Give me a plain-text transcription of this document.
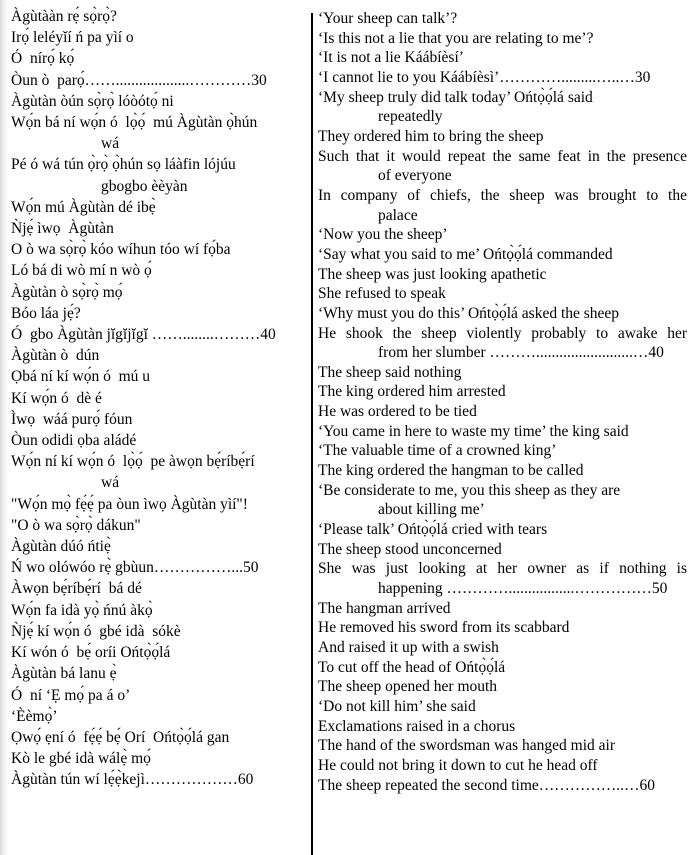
Àgùtààn rẹ́ sọ̀rọ̀?
Irọ́ leléyǐí ń pa yìí o
Ó  nírọ́ kọ́
Òun ò  parọ́……...................…………30
Àgùtàn òún sọ̀rọ̀ lóòótọ́ ni
Wọ́n bá ní wọ́n ó  lọ̀ọ́  mú Àgùtàn ọ̀hún
wá
Pé ó wá tún ọ̀rọ̀ ọ̀hún sọ láàfin lójúu
gbogbo èèyàn
Wọ́n mú Àgùtàn dé ibẹ̀
Ǹjẹ́ ìwọ  Àgùtàn
O ò wa sọ̀rọ̀ kóo wíhun tóo wí fọ́ba
Ló bá di wò mí n wò ọ́
Àgùtàn ò sọ̀rọ̀ mọ́
Bóo láa jẹ́?
Ó  gbo Àgùtàn jĭgĭjĭgĭ ……........………40
Àgùtàn ò  dún
Ọbá ní kí wọ́n ó  mú u
Kí wọ́n ó  dè é
Ìwọ  wáá purọ́ fóun
Òun odidi ọba aládé
Wọ́n ní kí wọ́n ó  lọ̀ọ́  pe àwọn bẹ́ríbẹ́rí
wá
"Wọ́n mọ̀ fẹ́ẹ́ pa òun ìwọ Àgùtàn yìí"!
"O ò wa sọ̀rọ̀ dákun"
Àgùtàn dúó ńtiẹ̀
Ń wo olówóo rẹ̀ gbùun……………...50
Àwọn bẹ́ríbẹ́rí  bá dé
Wọ́n fa idà yọ̀ ńnú àkọ̀
Ǹjẹ́ kí wọ́n ó  gbé idà  sókè
Kí wón ó  bẹ́ oríi Ońtọ̀ọ́lá
Àgùtàn bá lanu ẹ̀
Ó  ní ‘Ẹ mọ́ pa á o’
‘Èèmọ̀’
Ọwọ́ ẹní ó  fẹ́ẹ́ bẹ́ Orí  Ońtọ̀ọ́lá gan
Kò le gbé idà wálẹ̀ mọ́
Àgùtàn tún wí lẹ́ẹ̀kejì………………60
‘Your sheep can talk’?
‘Is this not a lie that you are relating to me’?
‘It is not a lie Káábíèsí’
‘I cannot lie to you Káábíèsì’………….........…..…30
‘My sheep truly did talk today’ Ońtọ̀ọ́lá said
repeatedly
They ordered him to bring the sheep
Such that it would repeat the same feat in the presence
of everyone
In company of chiefs, the sheep was brought to the
palace
‘Now you the sheep’
‘Say what you said to me’ Ońtọ̀ọ́lá commanded
The sheep was just looking apathetic
She refused to speak
‘Why must you do this’ Ońtọ̀ọ́lá asked the sheep
He shook the sheep violently probably to awake her
from her slumber ……….........................…40
The sheep said nothing
The king ordered him arrested
He was ordered to be tied
‘You came in here to waste my time’ the king said
‘The valuable time of a crowned king’
The king ordered the hangman to be called
‘Be considerate to me, you this sheep as they are
about killing me’
‘Please talk’ Ońtọ̀ọ́lá cried with tears
The sheep stood unconcerned
She was just looking at her owner as if nothing is
happening ………….................……………50
The hangman arrived
He removed his sword from its scabbard
And raised it up with a swish
To cut off the head of Ońtọ̀ọ́lá
The sheep opened her mouth
‘Do not kill him’ she said
Exclamations raised in a chorus
The hand of the swordsman was hanged mid air
He could not bring it down to cut he head off
The sheep repeated the second time……………..…60
